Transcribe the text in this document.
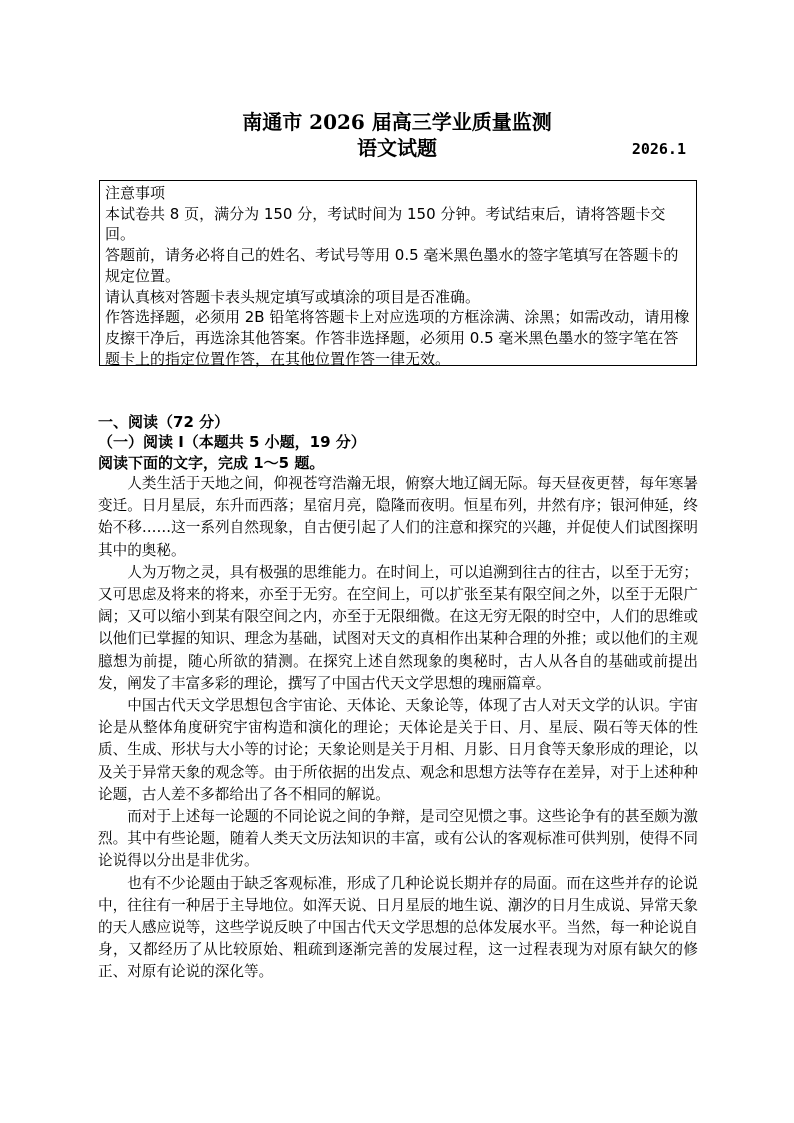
南通市 2026 届高三学业质量监测
语文试题	2026.1

注意事项

本试卷共 8 页，满分为 150 分，考试时间为 150 分钟。考试结束后，请将答题卡交回。

答题前，请务必将自己的姓名、考试号等用 0.5 毫米黑色墨水的签字笔填写在答题卡的规定位置。

请认真核对答题卡表头规定填写或填涂的项目是否准确。

作答选择题，必须用 2B 铅笔将答题卡上对应选项的方框涂满、涂黑；如需改动，请用橡皮擦干净后，再选涂其他答案。作答非选择题，必须用 0.5 毫米黑色墨水的签字笔在答题卡上的指定位置作答，在其他位置作答一律无效。

一、阅读（72 分）
（一）阅读 Ⅰ（本题共 5 小题，19 分）
阅读下面的文字，完成 1～5 题。

人类生活于天地之间，仰视苍穹浩瀚无垠，俯察大地辽阔无际。每天昼夜更替，每年寒暑变迁。日月星辰，东升而西落；星宿月亮，隐隆而夜明。恒星布列，井然有序；银河伸延，终始不移……这一系列自然现象，自古便引起了人们的注意和探究的兴趣，并促使人们试图探明其中的奥秘。

人为万物之灵，具有极强的思维能力。在时间上，可以追溯到往古的往古，以至于无穷；又可思虑及将来的将来，亦至于无穷。在空间上，可以扩张至某有限空间之外，以至于无限广阔；又可以缩小到某有限空间之内，亦至于无限细微。在这无穷无限的时空中，人们的思维或以他们已掌握的知识、理念为基础，试图对天文的真相作出某种合理的外推；或以他们的主观臆想为前提，随心所欲的猜测。在探究上述自然现象的奥秘时，古人从各自的基础或前提出发，阐发了丰富多彩的理论，撰写了中国古代天文学思想的瑰丽篇章。

中国古代天文学思想包含宇宙论、天体论、天象论等，体现了古人对天文学的认识。宇宙论是从整体角度研究宇宙构造和演化的理论；天体论是关于日、月、星辰、陨石等天体的性质、生成、形状与大小等的讨论；天象论则是关于月相、月影、日月食等天象形成的理论，以及关于异常天象的观念等。由于所依据的出发点、观念和思想方法等存在差异，对于上述种种论题，古人差不多都给出了各不相同的解说。

而对于上述每一论题的不同论说之间的争辩，是司空见惯之事。这些论争有的甚至颇为激烈。其中有些论题，随着人类天文历法知识的丰富，或有公认的客观标准可供判别，使得不同论说得以分出是非优劣。

也有不少论题由于缺乏客观标准，形成了几种论说长期并存的局面。而在这些并存的论说中，往往有一种居于主导地位。如浑天说、日月星辰的地生说、潮汐的日月生成说、异常天象的天人感应说等，这些学说反映了中国古代天文学思想的总体发展水平。当然，每一种论说自身，又都经历了从比较原始、粗疏到逐渐完善的发展过程，这一过程表现为对原有缺欠的修正、对原有论说的深化等。
